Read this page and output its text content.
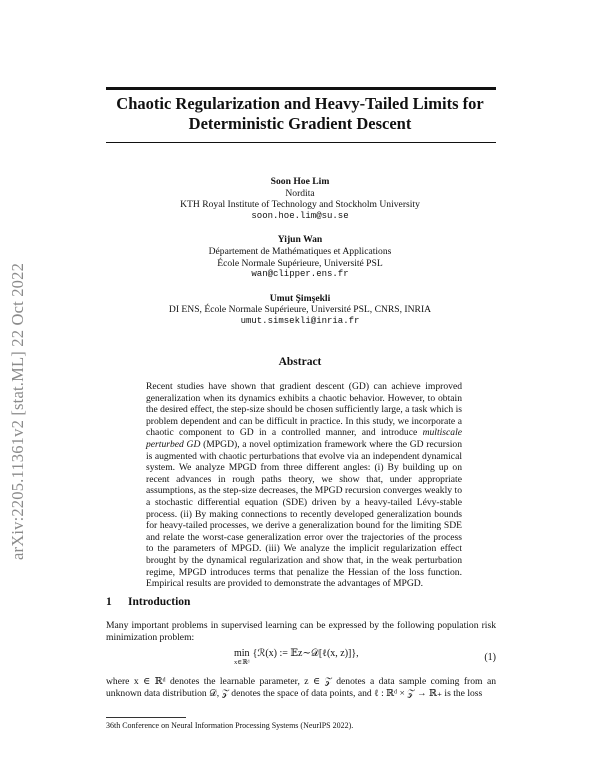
arXiv:2205.11361v2 [stat.ML] 22 Oct 2022
Chaotic Regularization and Heavy-Tailed Limits for
Deterministic Gradient Descent
Soon Hoe Lim
Nordita
KTH Royal Institute of Technology and Stockholm University
soon.hoe.lim@su.se
Yijun Wan
Département de Mathématiques et Applications
École Normale Supérieure, Université PSL
wan@clipper.ens.fr
Umut Şimşekli
DI ENS, École Normale Supérieure, Université PSL, CNRS, INRIA
umut.simsekli@inria.fr
Abstract
Recent studies have shown that gradient descent (GD) can achieve improved generalization when its dynamics exhibits a chaotic behavior. However, to obtain the desired effect, the step-size should be chosen sufficiently large, a task which is problem dependent and can be difficult in practice. In this study, we incorporate a chaotic component to GD in a controlled manner, and introduce multiscale perturbed GD (MPGD), a novel optimization framework where the GD recursion is augmented with chaotic perturbations that evolve via an independent dynamical system. We analyze MPGD from three different angles: (i) By building up on recent advances in rough paths theory, we show that, under appropriate assumptions, as the step-size decreases, the MPGD recursion converges weakly to a stochastic differential equation (SDE) driven by a heavy-tailed Lévy-stable process. (ii) By making connections to recently developed generalization bounds for heavy-tailed processes, we derive a generalization bound for the limiting SDE and relate the worst-case generalization error over the trajectories of the process to the parameters of MPGD. (iii) We analyze the implicit regularization effect brought by the dynamical regularization and show that, in the weak perturbation regime, MPGD introduces terms that penalize the Hessian of the loss function. Empirical results are provided to demonstrate the advantages of MPGD.
1 Introduction
Many important problems in supervised learning can be expressed by the following population risk minimization problem:
min
x∈ℝᵈ
{ℛ(x) := 𝔼z∼𝒟[ℓ(x, z)]},	(1)
where x ∈ ℝᵈ denotes the learnable parameter, z ∈ 𝒵 denotes a data sample coming from an unknown data distribution 𝒟, 𝒵 denotes the space of data points, and ℓ : ℝᵈ × 𝒵 → ℝ₊ is the loss
36th Conference on Neural Information Processing Systems (NeurIPS 2022).
